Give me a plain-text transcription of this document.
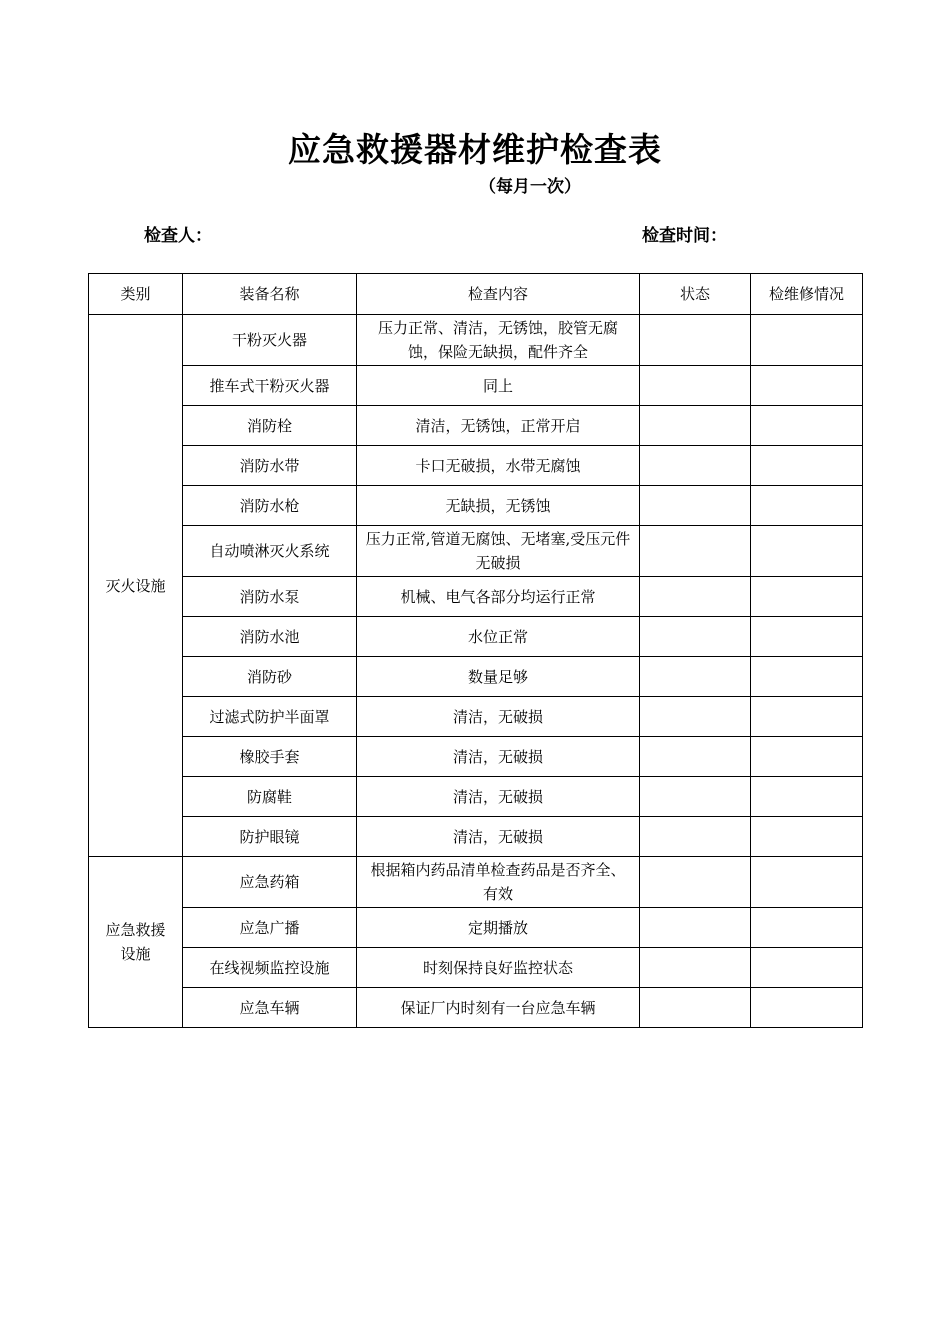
应急救援器材维护检查表
（每月一次）
检查人：	检查时间：
类别	装备名称	检查内容	状态	检维修情况
灭火设施	干粉灭火器	压力正常、清洁，无锈蚀，胶管无腐蚀，保险无缺损，配件齐全		
	推车式干粉灭火器	同上		
	消防栓	清洁，无锈蚀，正常开启		
	消防水带	卡口无破损，水带无腐蚀		
	消防水枪	无缺损，无锈蚀		
	自动喷淋灭火系统	压力正常,管道无腐蚀、无堵塞,受压元件无破损		
	消防水泵	机械、电气各部分均运行正常		
	消防水池	水位正常		
	消防砂	数量足够		
	过滤式防护半面罩	清洁，无破损		
	橡胶手套	清洁，无破损		
	防腐鞋	清洁，无破损		
	防护眼镜	清洁，无破损		
应急救援设施	应急药箱	根据箱内药品清单检查药品是否齐全、有效		
	应急广播	定期播放		
	在线视频监控设施	时刻保持良好监控状态		
	应急车辆	保证厂内时刻有一台应急车辆		
